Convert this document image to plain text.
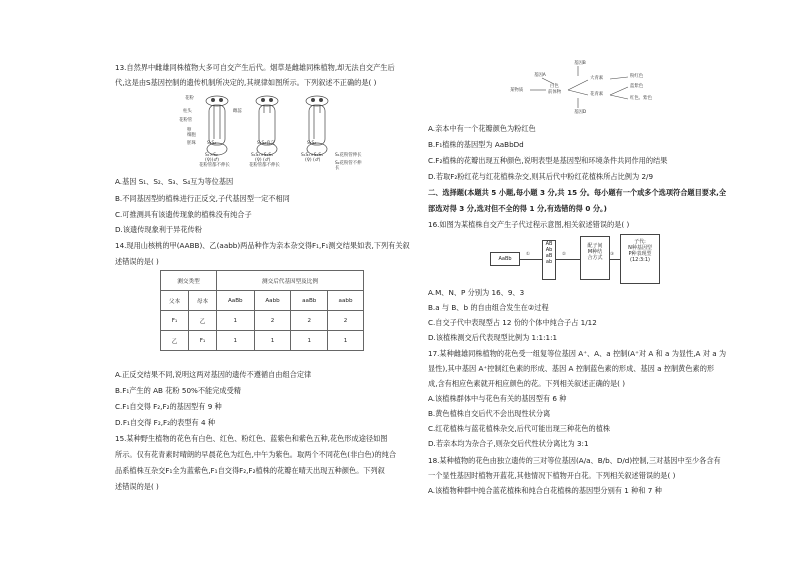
13.自然界中雌雄同株植物大多可自交产生后代。烟草是雌雄同株植物,却无法自交产生后
代,这是由S基因控制的遗传机制所决定的,其规律如图所示。下列叙述不正确的是( )
花粉
柱头
花粉管
卵
细胞
胚珠
雌蕊
S₁S₂
S₁×S₂
(♀)(♂)
花粉管都不伸长
S₁S₂自交
S₁S₂×S₃S₄
(♀) (♂)
花粉管都不伸长
S₁S₂
S₁S₂×S₃S₄
(♀) (♂)
S₁花粉管伸长
S₂花粉管不伸长
A.基因 S₁、S₂、S₃、S₄互为等位基因
B.不同基因型的植株进行正反交,子代基因型一定不相同
C.可推测具有该遗传现象的植株没有纯合子
D.该遗传现象利于异花传粉
14.现用山核桃的甲(AABB)、乙(aabb)两品种作为亲本杂交得F₁,F₁测交结果如表,下列有关叙
述错误的是( )
测交类型		测交后代基因型及比例			
父本	母本	AaBb	Aabb	aaBb	aabb
F₁	乙	1	2	2	2
乙	F₁	1	1	1	1
A.正反交结果不同,说明这两对基因的遗传不遵循自由组合定律
B.F₁产生的 AB 花粉 50%不能完成受精
C.F₁自交得 F₂,F₂的基因型有 9 种
D.F₁自交得 F₂,F₂的表型有 4 种
15.某种野生植物的花色有白色、红色、粉红色、蓝紫色和紫色五种,花色形成途径如图
所示。仅有花青素时晴朗的早晨花色为红色,中午为紫色。取两个不同花色(非白色)的纯合
品系植株互杂交F₁全为蓝紫色,F₁自交得F₂,F₂植株的花瓣在晴天出现五种颜色。下列叙
述错误的是( )
基因B
基因A
某物质
白色
前体物
大青素
花青素
粉红色
蓝紫色
红色、紫色
基因D
A.亲本中有一个花瓣颜色为粉红色
B.F₁植株的基因型为 AaBbDd
C.F₂植株的花瓣出现五种颜色,说明表型是基因型和环境条件共同作用的结果
D.若取F₂粉红花与红花植株杂交,则其后代中粉红花植株所占比例为 2/9
二、选择题(本题共 5 小题,每小题 3 分,共 15 分。每小题有一个或多个选项符合题目要求,全
部选对得 3 分,选对但不全的得 1 分,有选错的得 0 分。)
16.如图为某植株自交产生子代过程示意图,相关叙述错误的是( )
AaBb
①
AB
Ab
aB
ab
②
配子间
M种结
合方式
③
子代:
N种基因型
P种表现型
(12:3:1)
A.M、N、P 分别为 16、9、3
B.a 与 B、b 的自由组合发生在②过程
C.自交子代中表现型占 12 份的个体中纯合子占 1/12
D.该植株测交后代表现型比例为 1:1:1:1
17.某种雌雄同株植物的花色受一组复等位基因 A⁺、A、a 控制(A⁺对 A 和 a 为显性,A 对 a 为
显性),其中基因 A⁺控制红色素的形成、基因 A 控制蓝色素的形成、基因 a 控制黄色素的形
成,含有相应色素就开相应颜色的花。下列相关叙述正确的是( )
A.该植株群体中与花色有关的基因型有 6 种
B.黄色植株自交后代不会出现性状分离
C.红花植株与蓝花植株杂交,后代可能出现三种花色的植株
D.若亲本均为杂合子,则杂交后代性状分离比为 3:1
18.某种植物的花色由独立遗传的三对等位基因(A/a、B/b、D/d)控制,三对基因中至少各含有
一个显性基因时植物开蓝花,其他情况下植物开白花。下列相关叙述错误的是( )
A.该植物种群中纯合蓝花植株和纯合白花植株的基因型分别有 1 种和 7 种
